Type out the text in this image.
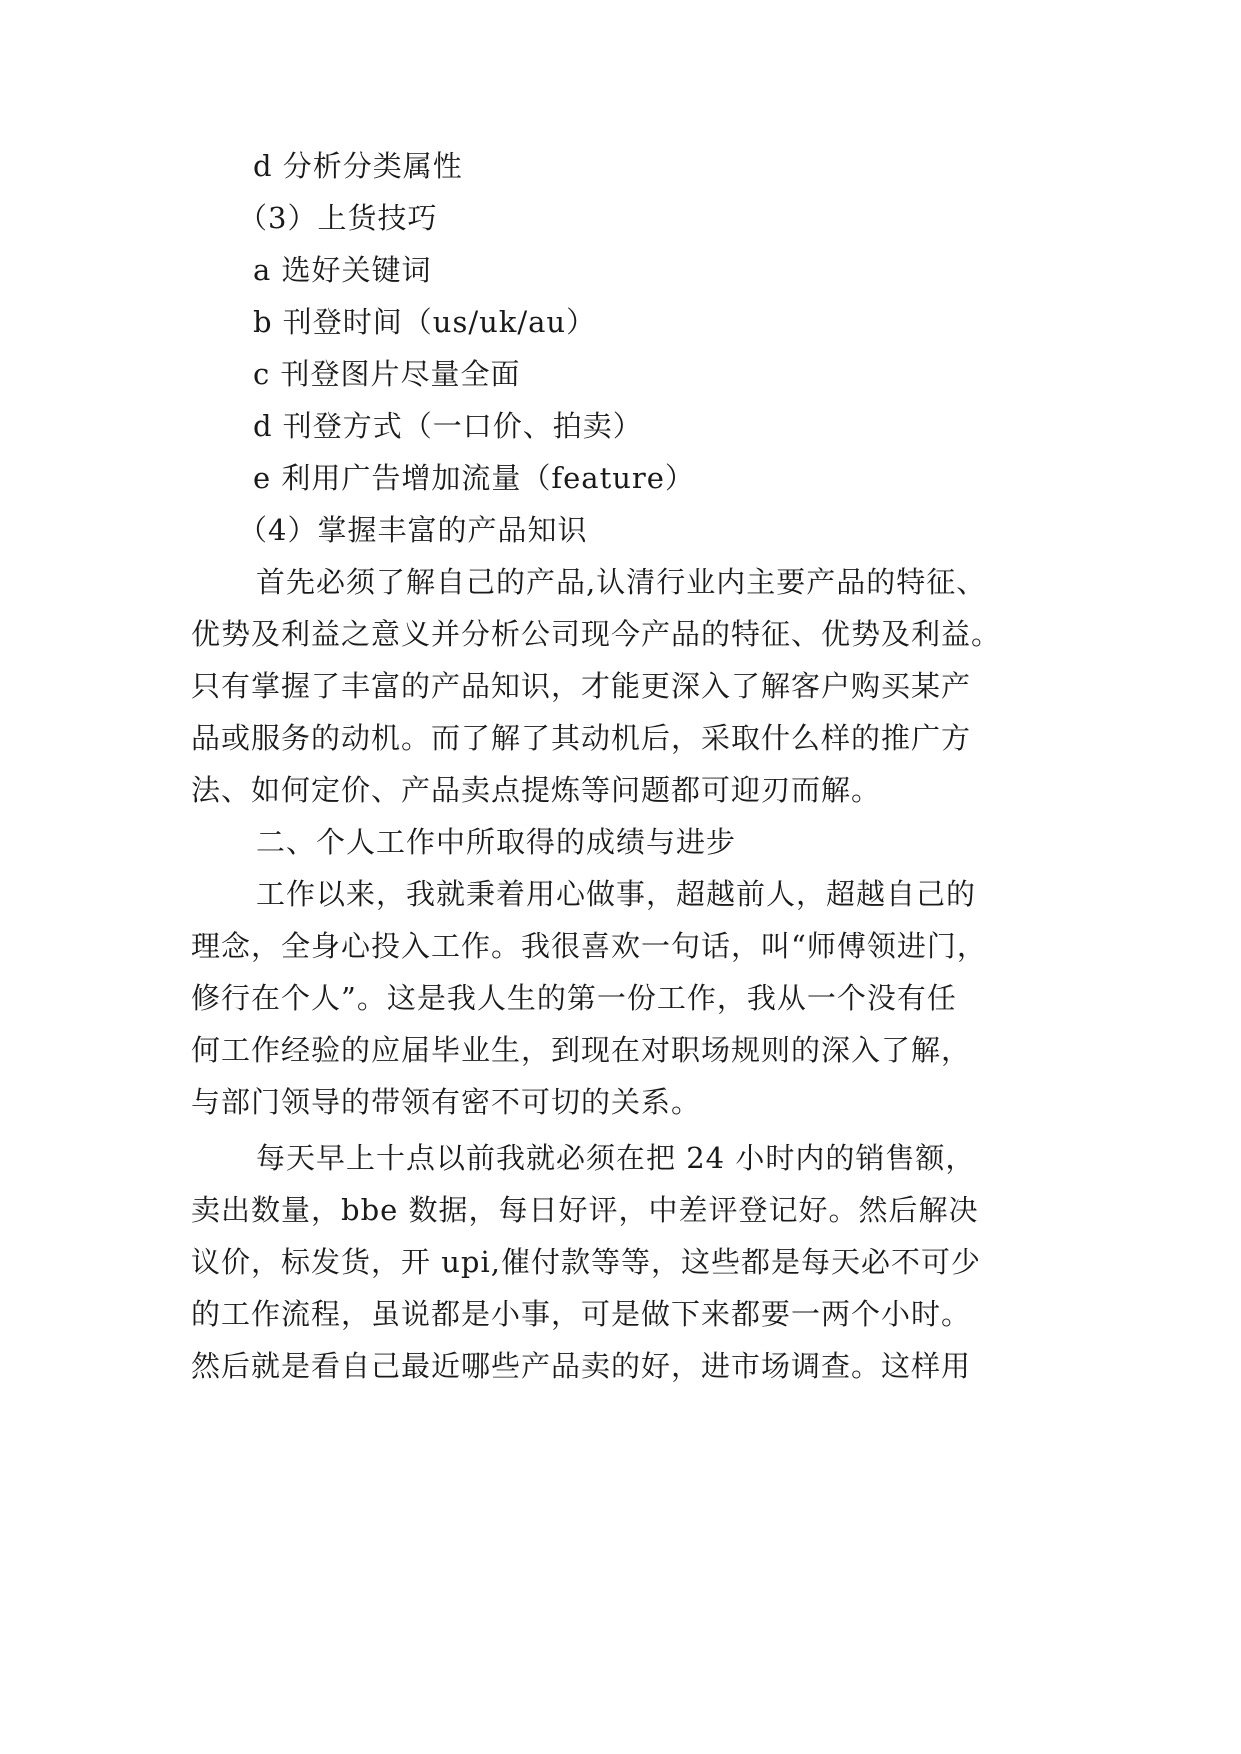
d 分析分类属性
（3）上货技巧
a 选好关键词
b 刊登时间（us/uk/au）
c 刊登图片尽量全面
d 刊登方式（一口价、拍卖）
e 利用广告增加流量（feature）
（4）掌握丰富的产品知识
首先必须了解自己的产品,认清行业内主要产品的特征、
优势及利益之意义并分析公司现今产品的特征、优势及利益。
只有掌握了丰富的产品知识，才能更深入了解客户购买某产
品或服务的动机。而了解了其动机后，采取什么样的推广方
法、如何定价、产品卖点提炼等问题都可迎刃而解。
二、个人工作中所取得的成绩与进步
工作以来，我就秉着用心做事，超越前人，超越自己的
理念，全身心投入工作。我很喜欢一句话，叫“师傅领进门，
修行在个人”。这是我人生的第一份工作，我从一个没有任
何工作经验的应届毕业生，到现在对职场规则的深入了解，
与部门领导的带领有密不可切的关系。
每天早上十点以前我就必须在把 24 小时内的销售额，
卖出数量，bbe 数据，每日好评，中差评登记好。然后解决
议价，标发货，开 upi,催付款等等，这些都是每天必不可少
的工作流程，虽说都是小事，可是做下来都要一两个小时。
然后就是看自己最近哪些产品卖的好，进市场调查。这样用
